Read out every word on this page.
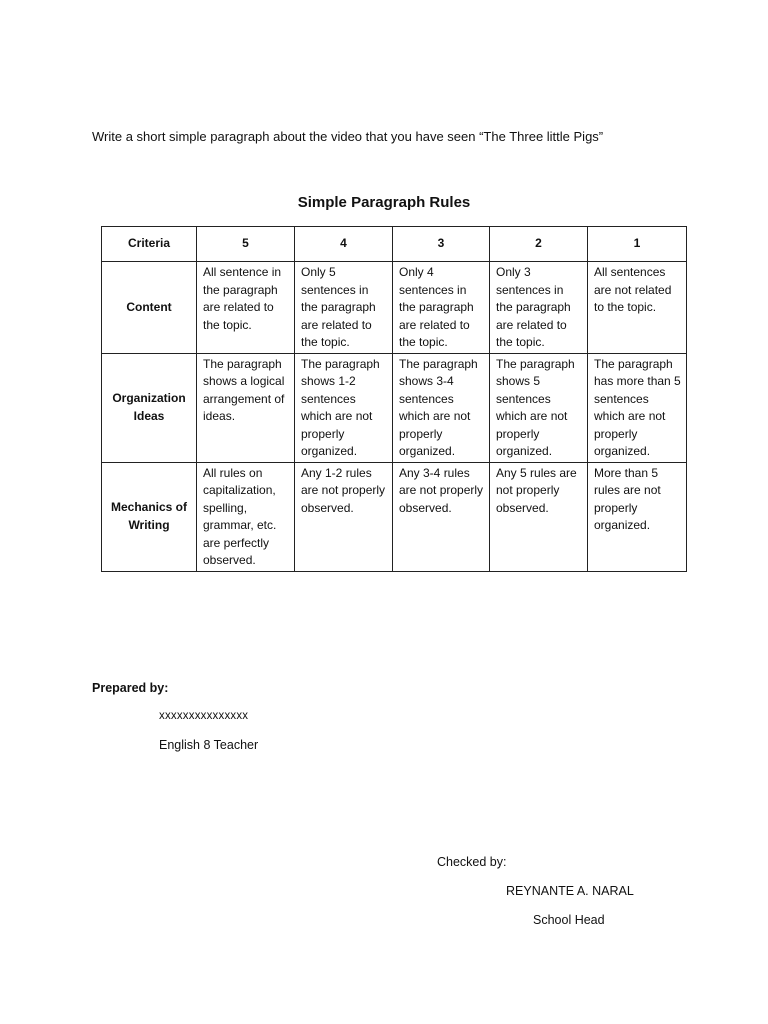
Write a short simple paragraph about the video that you have seen “The Three little Pigs”
Simple Paragraph Rules
Criteria	5	4	3	2	1
Content	All sentence in the paragraph are related to the topic.	Only 5 sentences in the paragraph are related to the topic.	Only 4 sentences in the paragraph are related to the topic.	Only 3 sentences in the paragraph are related to the topic.	All sentences are not related to the topic.
Organization Ideas	The paragraph shows a logical arrangement of ideas.	The paragraph shows 1-2 sentences which are not properly organized.	The paragraph shows 3-4 sentences which are not properly organized.	The paragraph shows 5 sentences which are not properly organized.	The paragraph has more than 5 sentences which are not properly organized.
Mechanics of Writing	All rules on capitalization, spelling, grammar, etc. are perfectly observed.	Any 1-2 rules are not properly observed.	Any 3-4 rules are not properly observed.	Any 5 rules are not properly observed.	More than 5 rules are not properly organized.
Prepared by:
xxxxxxxxxxxxxxx
English 8 Teacher
Checked by:
REYNANTE A. NARAL
School Head
